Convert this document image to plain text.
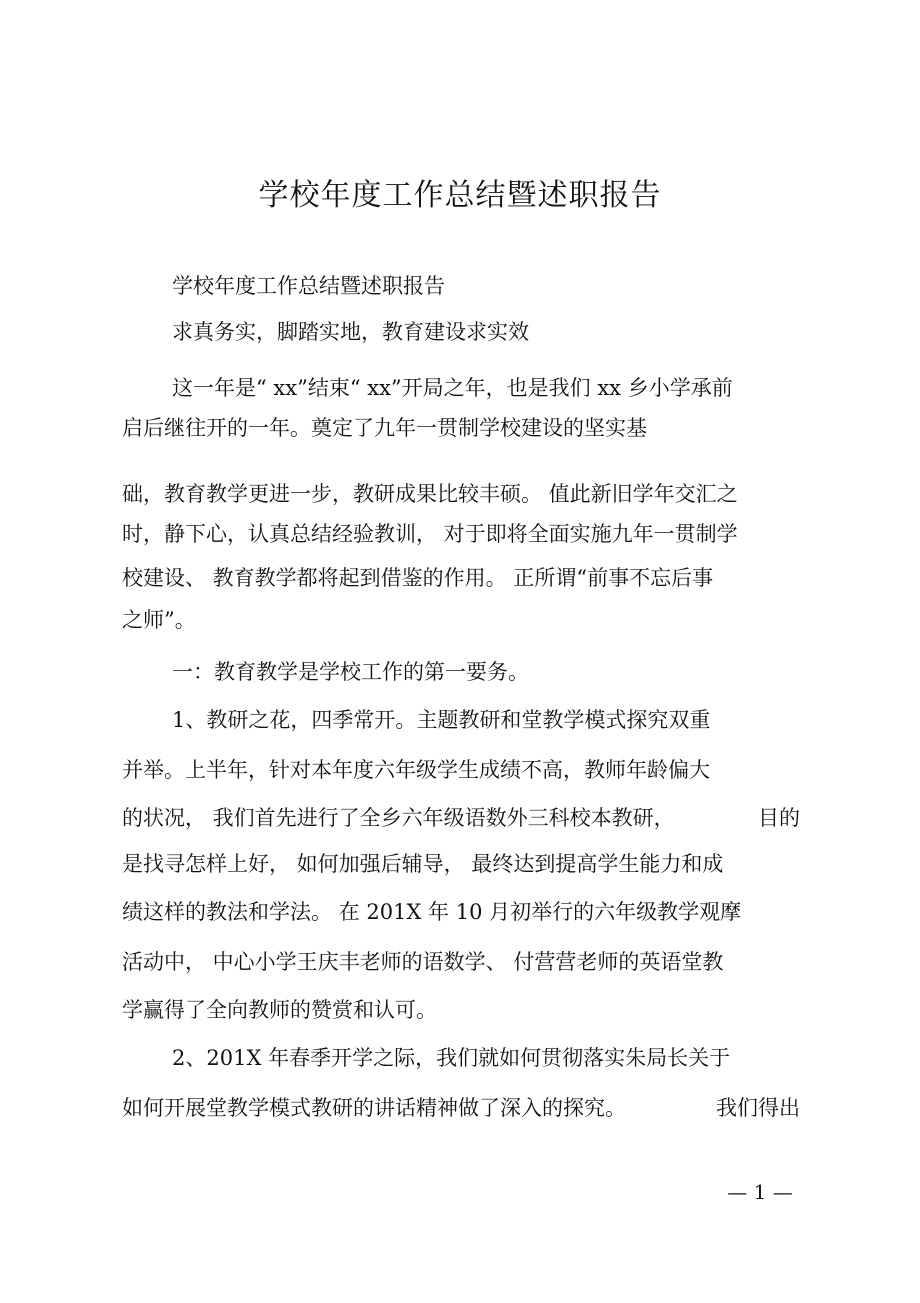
学校年度工作总结暨述职报告
学校年度工作总结暨述职报告
求真务实，脚踏实地，教育建设求实效
这一年是“ xx”结束“ xx”开局之年，也是我们 xx 乡小学承前
启后继往开的一年。奠定了九年一贯制学校建设的坚实基
础，教育教学更进一步，教研成果比较丰硕。 值此新旧学年交汇之
时，静下心，认真总结经验教训， 对于即将全面实施九年一贯制学
校建设、 教育教学都将起到借鉴的作用。 正所谓“前事不忘后事
之师”。
一：教育教学是学校工作的第一要务。
1、教研之花，四季常开。主题教研和堂教学模式探究双重
并举。上半年，针对本年度六年级学生成绩不高，教师年龄偏大
的状况， 我们首先进行了全乡六年级语数外三科校本教研，	目的
是找寻怎样上好， 如何加强后辅导， 最终达到提高学生能力和成
绩这样的教法和学法。 在 201X 年 10 月初举行的六年级教学观摩
活动中， 中心小学王庆丰老师的语数学、 付营营老师的英语堂教
学赢得了全向教师的赞赏和认可。
2、201X 年春季开学之际，我们就如何贯彻落实朱局长关于
如何开展堂教学模式教研的讲话精神做了深入的探究。	我们得出
— 1 —
